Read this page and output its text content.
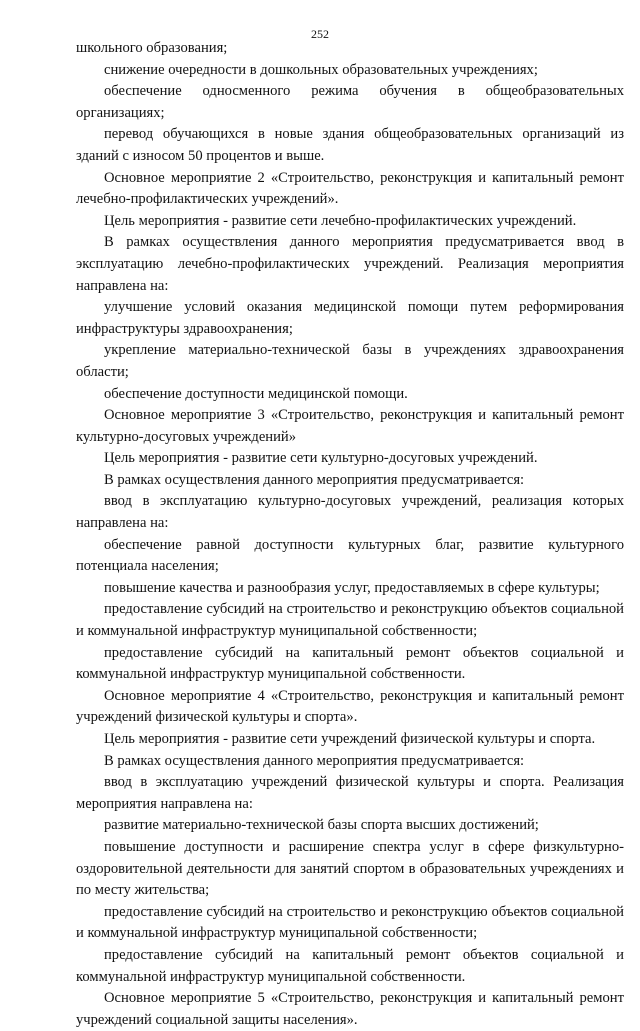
252

школьного образования;

снижение очередности в дошкольных образовательных учреждениях;

обеспечение односменного режима обучения в общеобразовательных организациях;

перевод обучающихся в новые здания общеобразовательных организаций из зданий с износом 50 процентов и выше.

Основное мероприятие 2 «Строительство, реконструкция и капитальный ремонт лечебно-профилактических учреждений».

Цель мероприятия - развитие сети лечебно-профилактических учреждений.

В рамках осуществления данного мероприятия предусматривается ввод в эксплуатацию лечебно-профилактических учреждений. Реализация мероприятия направлена на:

улучшение условий оказания медицинской помощи путем реформирования инфраструктуры здравоохранения;

укрепление материально-технической базы в учреждениях здравоохранения области;

обеспечение доступности медицинской помощи.

Основное мероприятие 3 «Строительство, реконструкция и капитальный ремонт культурно-досуговых учреждений»

Цель мероприятия - развитие сети культурно-досуговых учреждений.

В рамках осуществления данного мероприятия предусматривается:

ввод в эксплуатацию культурно-досуговых учреждений, реализация которых направлена на:

обеспечение равной доступности культурных благ, развитие культурного потенциала населения;

повышение качества и разнообразия услуг, предоставляемых в сфере культуры;

предоставление субсидий на строительство и реконструкцию объектов социальной и коммунальной инфраструктур муниципальной собственности;

предоставление субсидий на капитальный ремонт объектов социальной и коммунальной инфраструктур муниципальной собственности.

Основное мероприятие 4 «Строительство, реконструкция и капитальный ремонт учреждений физической культуры и спорта».

Цель мероприятия - развитие сети учреждений физической культуры и спорта.

В рамках осуществления данного мероприятия предусматривается:

ввод в эксплуатацию учреждений физической культуры и спорта. Реализация мероприятия направлена на:

развитие материально-технической базы спорта высших достижений;

повышение доступности и расширение спектра услуг в сфере физкультурно-оздоровительной деятельности для занятий спортом в образовательных учреждениях и по месту жительства;

предоставление субсидий на строительство и реконструкцию объектов социальной и коммунальной инфраструктур муниципальной собственности;

предоставление субсидий на капитальный ремонт объектов социальной и коммунальной инфраструктур муниципальной собственности.

Основное мероприятие 5 «Строительство, реконструкция и капитальный ремонт учреждений социальной защиты населения».
